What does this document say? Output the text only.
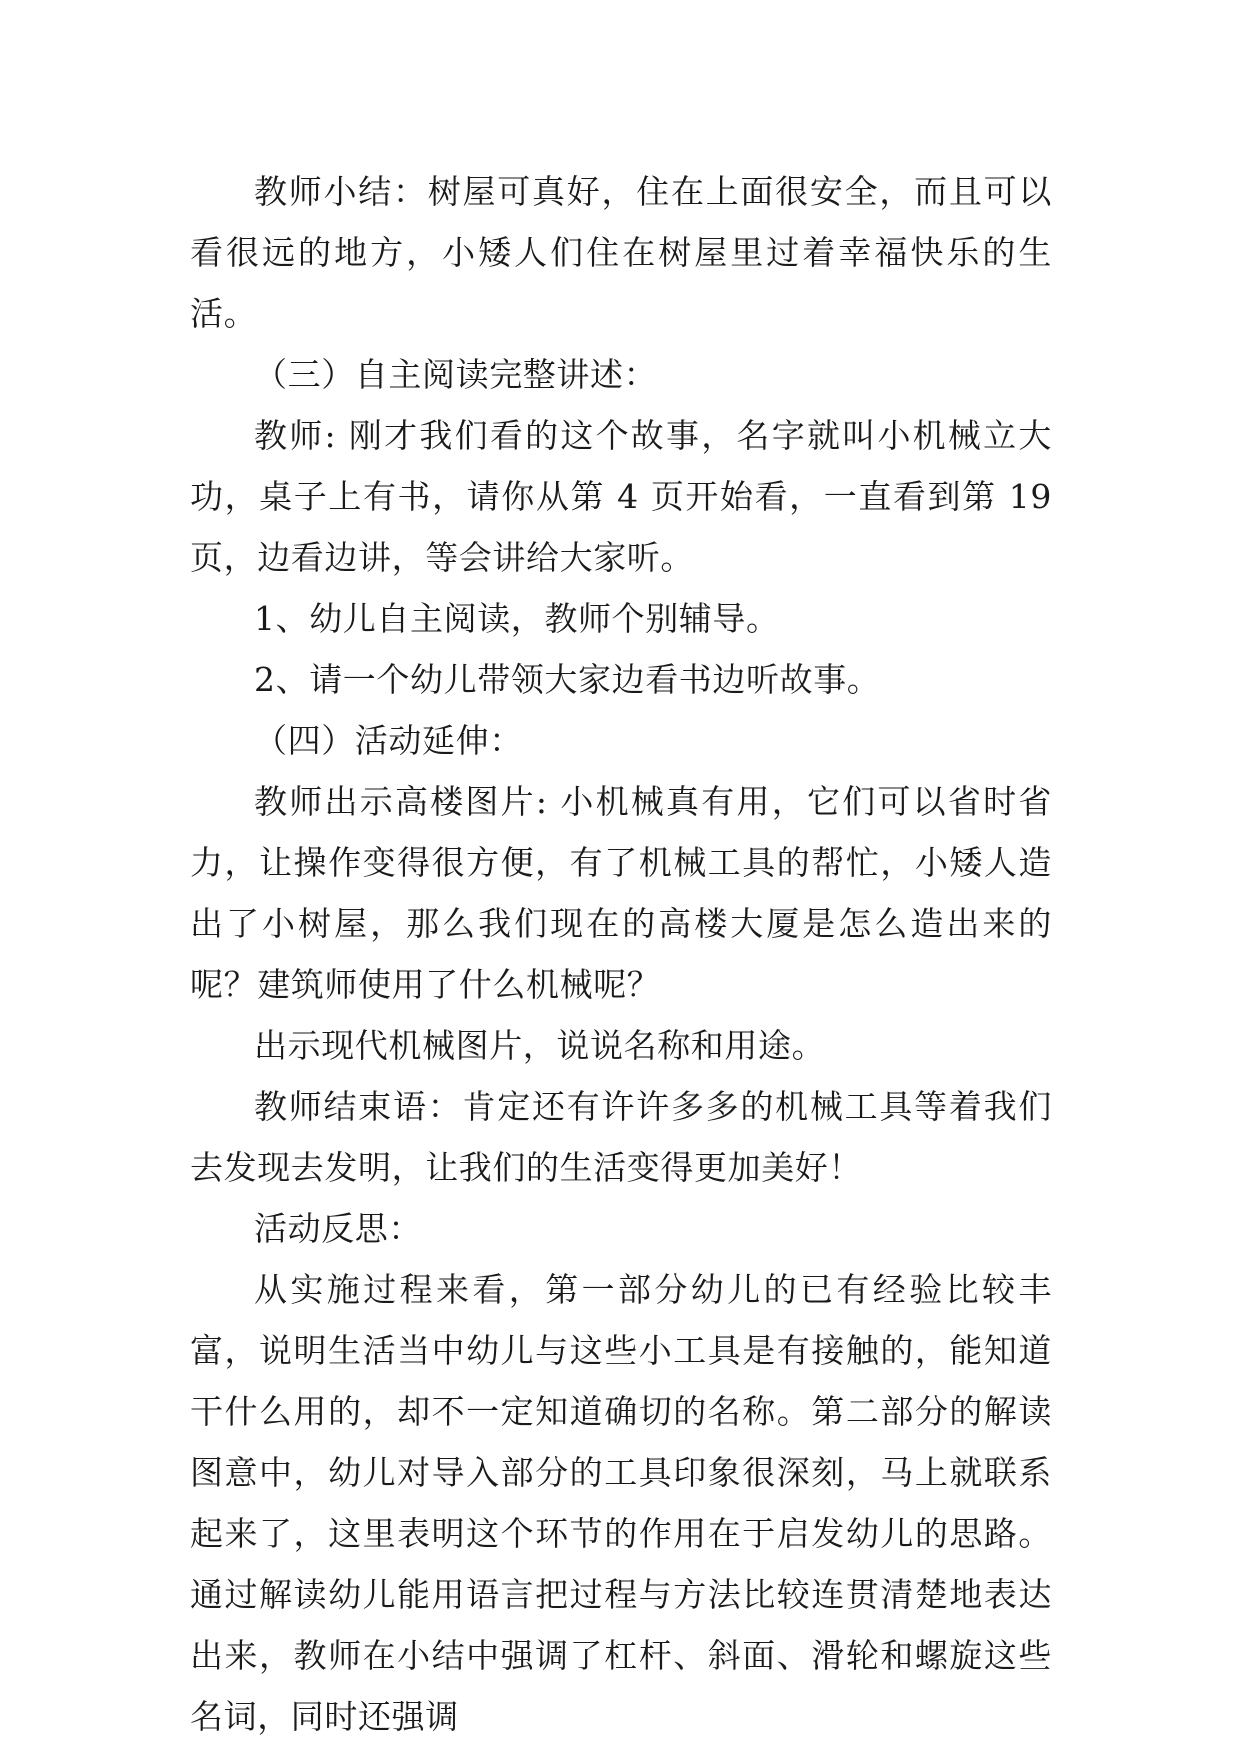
教师小结：树屋可真好，住在上面很安全，而且可以看很远的地方，小矮人们住在树屋里过着幸福快乐的生活。

（三）自主阅读完整讲述：

教师: 刚才我们看的这个故事，名字就叫小机械立大功，桌子上有书，请你从第 4 页开始看，一直看到第 19 页，边看边讲，等会讲给大家听。

1、幼儿自主阅读，教师个别辅导。

2、请一个幼儿带领大家边看书边听故事。

（四）活动延伸：

教师出示高楼图片: 小机械真有用，它们可以省时省力，让操作变得很方便，有了机械工具的帮忙，小矮人造出了小树屋，那么我们现在的高楼大厦是怎么造出来的呢？建筑师使用了什么机械呢？

出示现代机械图片，说说名称和用途。

教师结束语：肯定还有许许多多的机械工具等着我们去发现去发明，让我们的生活变得更加美好！

活动反思：

从实施过程来看，第一部分幼儿的已有经验比较丰富，说明生活当中幼儿与这些小工具是有接触的，能知道干什么用的，却不一定知道确切的名称。第二部分的解读图意中，幼儿对导入部分的工具印象很深刻，马上就联系起来了，这里表明这个环节的作用在于启发幼儿的思路。通过解读幼儿能用语言把过程与方法比较连贯清楚地表达出来，教师在小结中强调了杠杆、斜面、滑轮和螺旋这些名词，同时还强调
